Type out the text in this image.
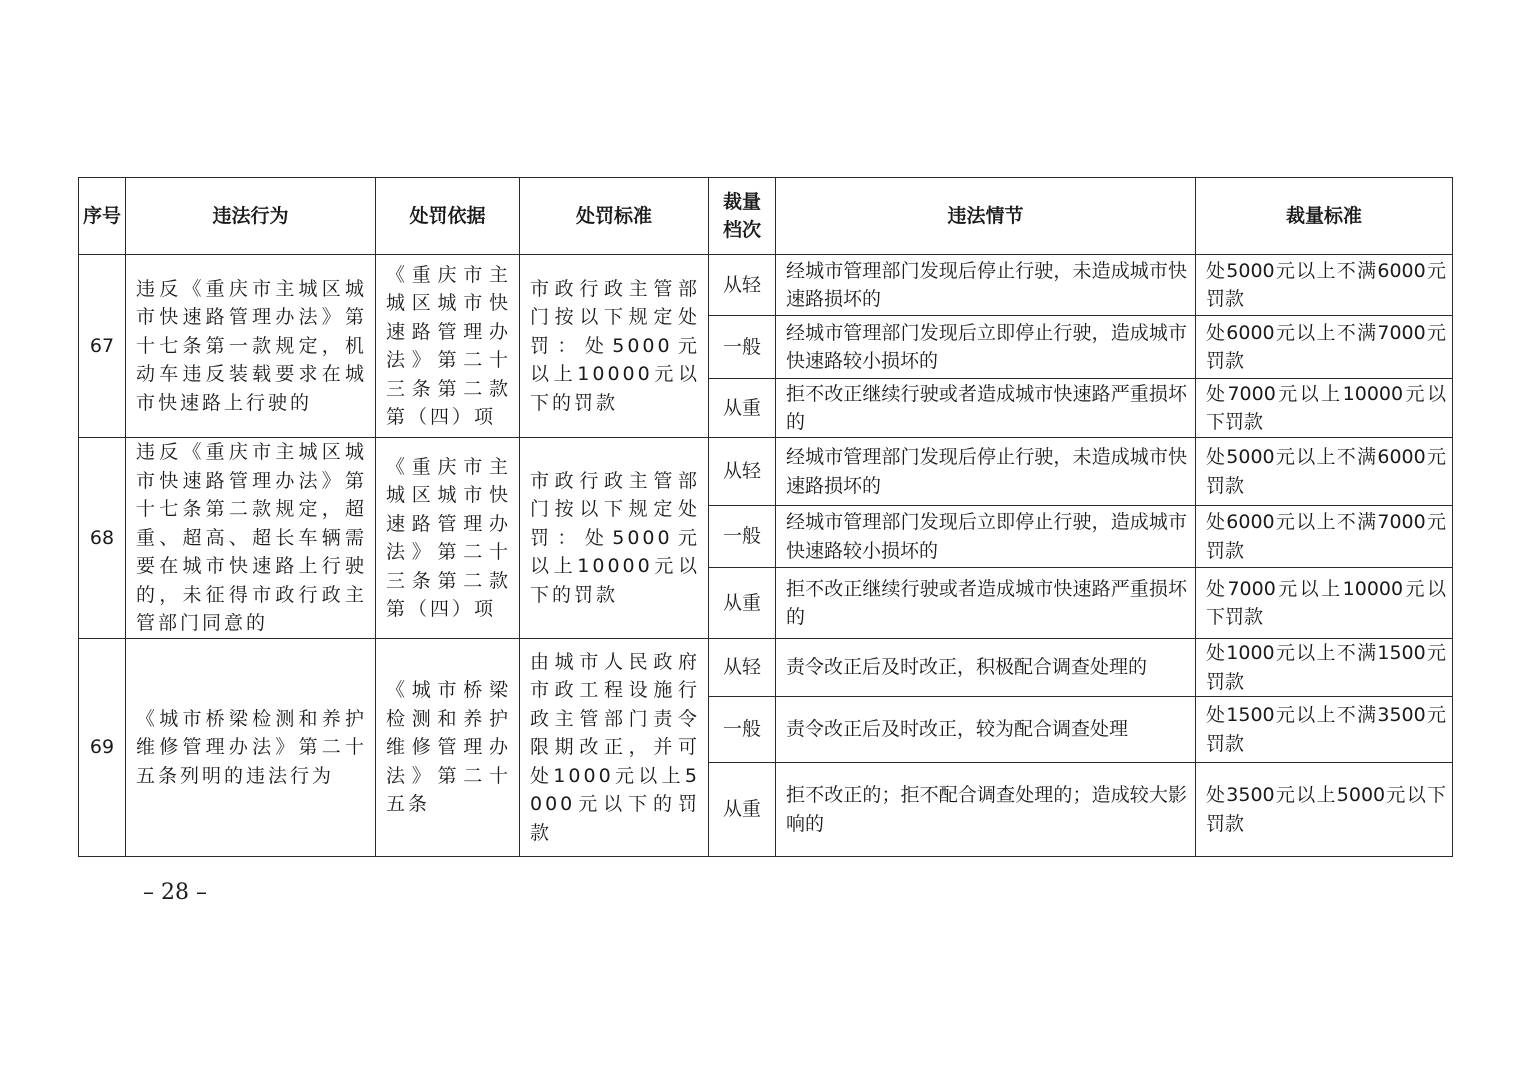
序号	违法行为	处罚依据	处罚标准	裁量档次	违法情节	裁量标准
67	违反《重庆市主城区城市快速路管理办法》第十七条第一款规定，机动车违反装载要求在城市快速路上行驶的	《重庆市主城区城市快速路管理办法》第二十三条第二款第（四）项	市政行政主管部门按以下规定处罚：处5000元以上10000元以下的罚款	从轻	经城市管理部门发现后停止行驶，未造成城市快速路损坏的	处5000元以上不满6000元罚款
				一般	经城市管理部门发现后立即停止行驶，造成城市快速路较小损坏的	处6000元以上不满7000元罚款
				从重	拒不改正继续行驶或者造成城市快速路严重损坏的	处7000元以上10000元以下罚款
68	违反《重庆市主城区城市快速路管理办法》第十七条第二款规定，超重、超高、超长车辆需要在城市快速路上行驶的，未征得市政行政主管部门同意的	《重庆市主城区城市快速路管理办法》第二十三条第二款第（四）项	市政行政主管部门按以下规定处罚：处5000元以上10000元以下的罚款	从轻	经城市管理部门发现后停止行驶，未造成城市快速路损坏的	处5000元以上不满6000元罚款
				一般	经城市管理部门发现后立即停止行驶，造成城市快速路较小损坏的	处6000元以上不满7000元罚款
				从重	拒不改正继续行驶或者造成城市快速路严重损坏的	处7000元以上10000元以下罚款
69	《城市桥梁检测和养护维修管理办法》第二十五条列明的违法行为	《城市桥梁检测和养护维修管理办法》第二十五条	由城市人民政府市政工程设施行政主管部门责令限期改正，并可处1000元以上5000元以下的罚款	从轻	责令改正后及时改正，积极配合调查处理的	处1000元以上不满1500元罚款
				一般	责令改正后及时改正，较为配合调查处理	处1500元以上不满3500元罚款
				从重	拒不改正的；拒不配合调查处理的；造成较大影响的	处3500元以上5000元以下罚款
– 28 –
